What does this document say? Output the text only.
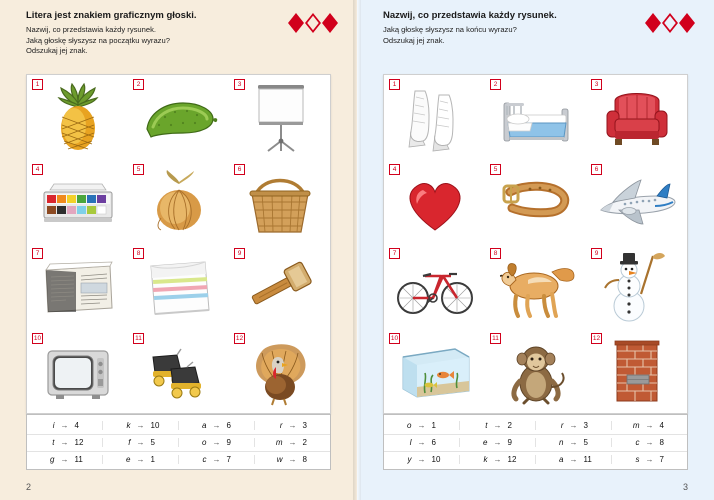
Litera jest znakiem graficznym głoski.
Nazwij, co przedstawia każdy rysunek.
Jaką głoskę słyszysz na początku wyrazu?
Odszukaj jej znak.
1	2	3
4	5	6
7	8	9
10	11	12
i → 4	k → 10	a → 6	r → 3
t → 12	f → 5	o → 9	m → 2
g → 11	e → 1	c → 7	w → 8
2
Nazwij, co przedstawia każdy rysunek.
Jaką głoskę słyszysz na końcu wyrazu?
Odszukaj jej znak.
1	2	3
4	5	6
7	8	9
10	11	12
o → 1	t → 2	r → 3	m → 4
l → 6	e → 9	n → 5	c → 8
y → 10	k → 12	a → 11	s → 7
3
